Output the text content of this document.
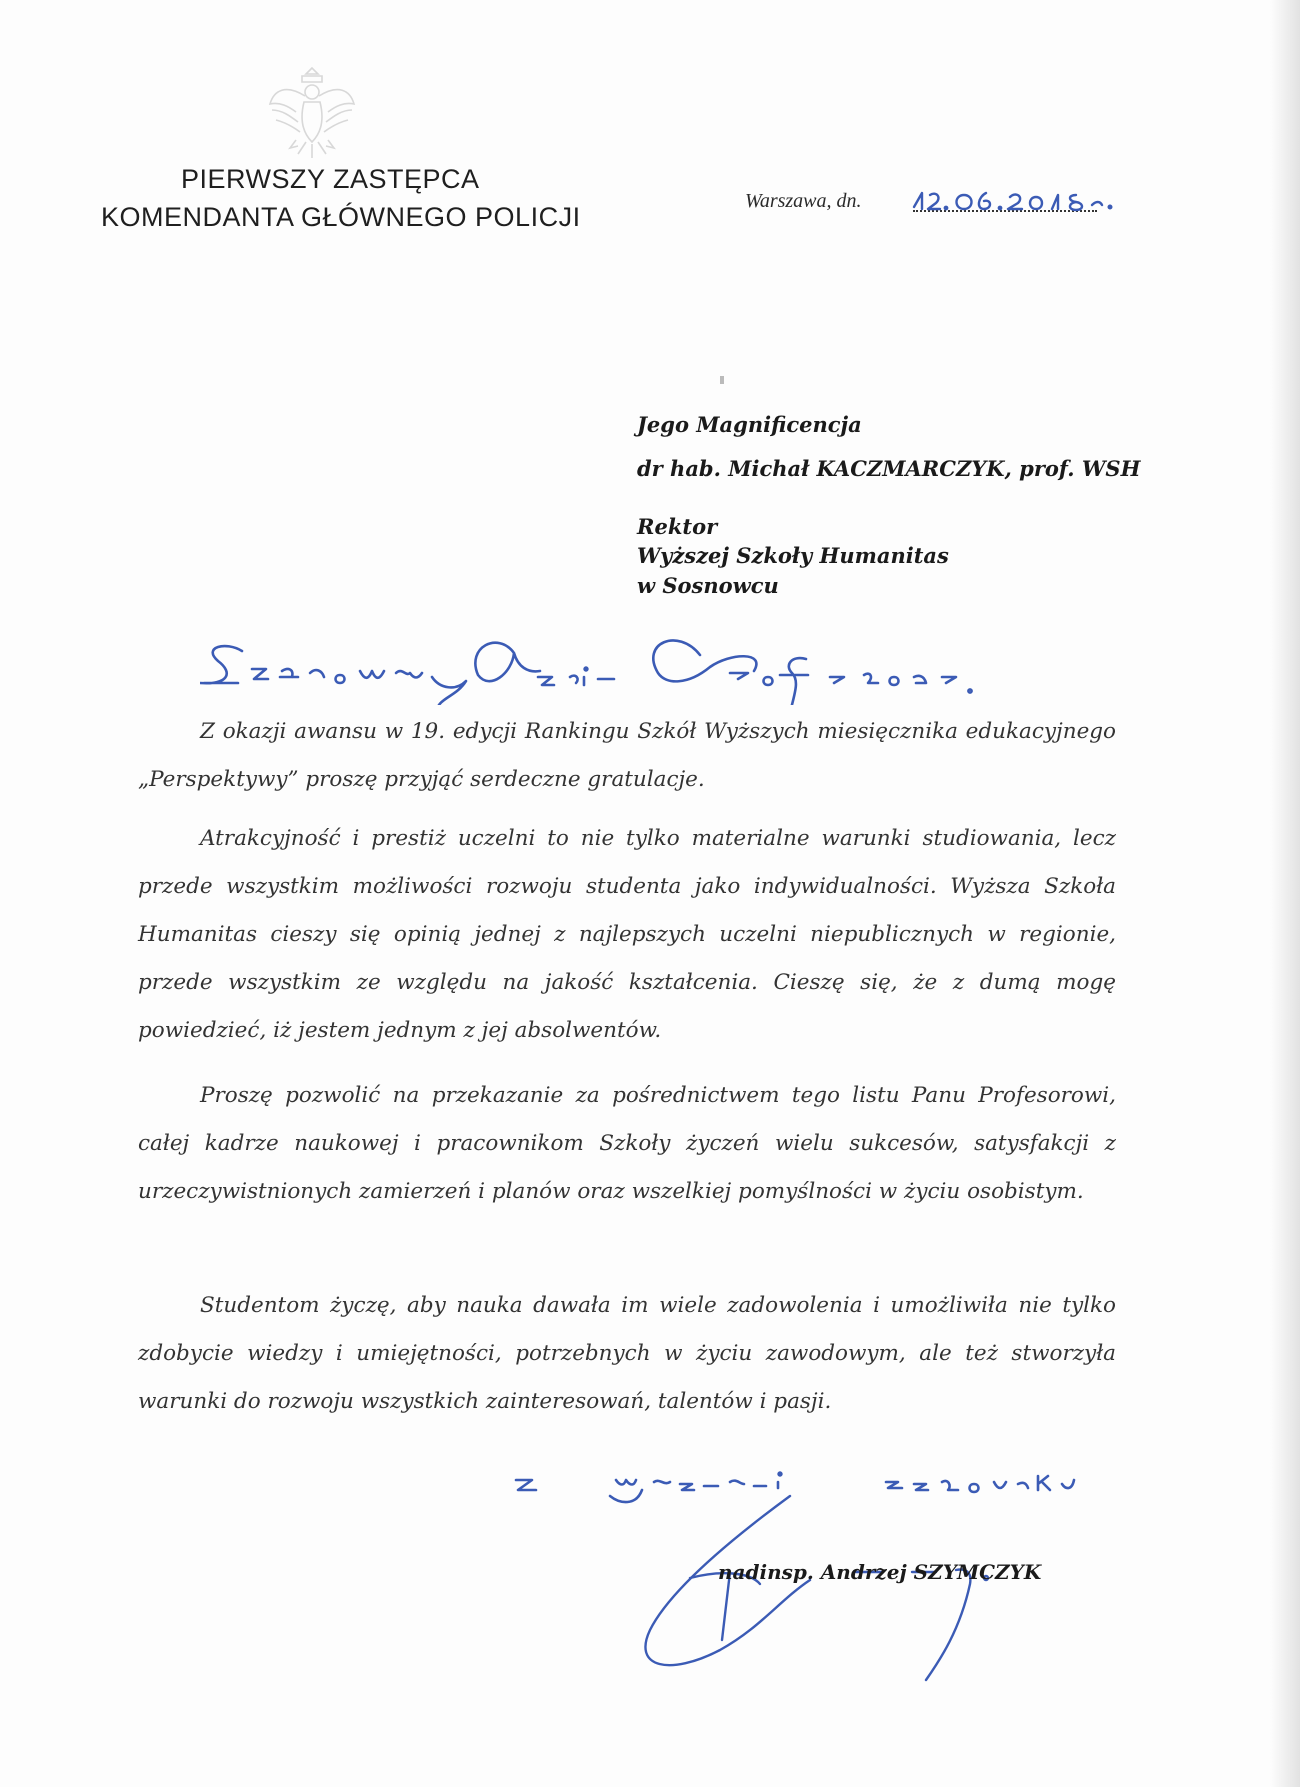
PIERWSZY ZASTĘPCA
KOMENDANTA GŁÓWNEGO POLICJI
Warszawa, dn.
Jego Magnificencja
dr hab. Michał KACZMARCZYK, prof. WSH
Rektor
Wyższej Szkoły Humanitas
w Sosnowcu

Z okazji awansu w 19. edycji Rankingu Szkół Wyższych miesięcznika edukacyjnego „Perspektywy” proszę przyjąć serdeczne gratulacje.

Atrakcyjność i prestiż uczelni to nie tylko materialne warunki studiowania, lecz przede wszystkim możliwości rozwoju studenta jako indywidualności. Wyższa Szkoła Humanitas cieszy się opinią jednej z najlepszych uczelni niepublicznych w regionie, przede wszystkim ze względu na jakość kształcenia. Cieszę się, że z dumą mogę powiedzieć, iż jestem jednym z jej absolwentów.

Proszę pozwolić na przekazanie za pośrednictwem tego listu Panu Profesorowi, całej kadrze naukowej i pracownikom Szkoły życzeń wielu sukcesów, satysfakcji z urzeczywistnionych zamierzeń i planów oraz wszelkiej pomyślności w życiu osobistym.

Studentom życzę, aby nauka dawała im wiele zadowolenia i umożliwiła nie tylko zdobycie wiedzy i umiejętności, potrzebnych w życiu zawodowym, ale też stworzyła warunki do rozwoju wszystkich zainteresowań, talentów i pasji.

nadinsp. Andrzej SZYMCZYK
